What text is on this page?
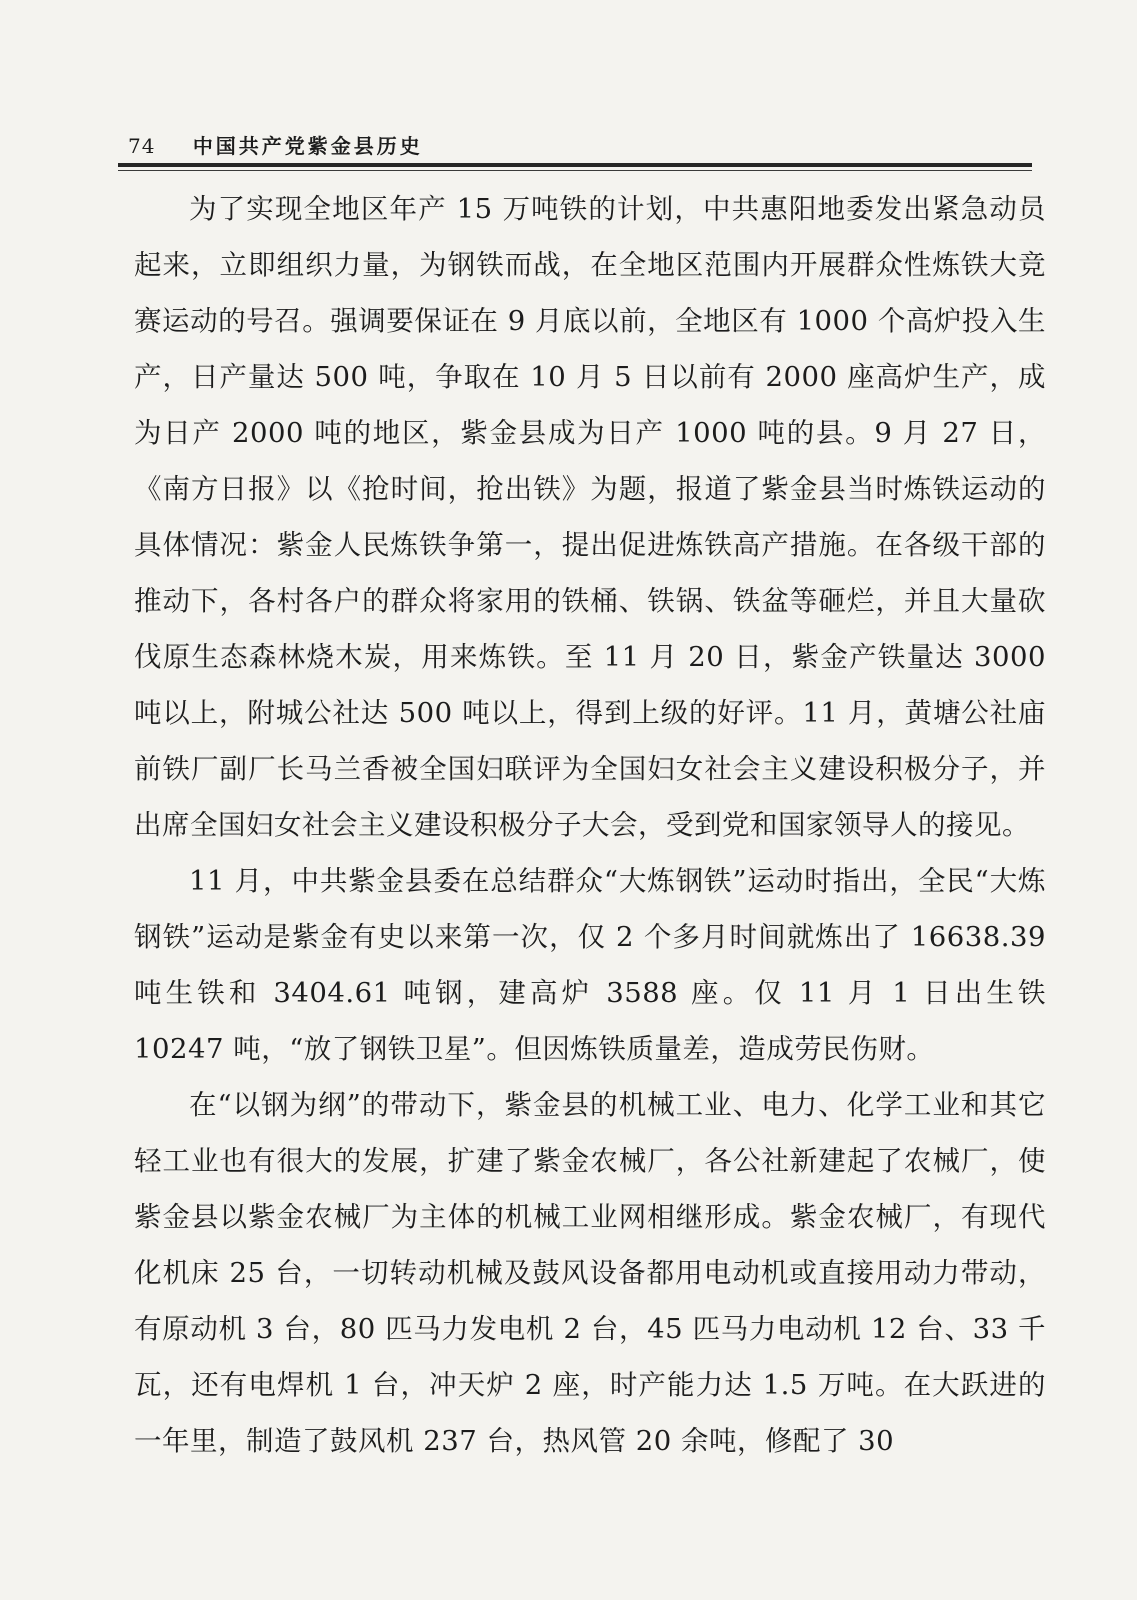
74 中国共产党紫金县历史

为了实现全地区年产 15 万吨铁的计划，中共惠阳地委发出紧急动员起来，立即组织力量，为钢铁而战，在全地区范围内开展群众性炼铁大竞赛运动的号召。强调要保证在 9 月底以前，全地区有 1000 个高炉投入生产，日产量达 500 吨，争取在 10 月 5 日以前有 2000 座高炉生产，成为日产 2000 吨的地区，紫金县成为日产 1000 吨的县。9 月 27 日，《南方日报》以《抢时间，抢出铁》为题，报道了紫金县当时炼铁运动的具体情况：紫金人民炼铁争第一，提出促进炼铁高产措施。在各级干部的推动下，各村各户的群众将家用的铁桶、铁锅、铁盆等砸烂，并且大量砍伐原生态森林烧木炭，用来炼铁。至 11 月 20 日，紫金产铁量达 3000 吨以上，附城公社达 500 吨以上，得到上级的好评。11 月，黄塘公社庙前铁厂副厂长马兰香被全国妇联评为全国妇女社会主义建设积极分子，并出席全国妇女社会主义建设积极分子大会，受到党和国家领导人的接见。

11 月，中共紫金县委在总结群众“大炼钢铁”运动时指出，全民“大炼钢铁”运动是紫金有史以来第一次，仅 2 个多月时间就炼出了 16638.39 吨生铁和 3404.61 吨钢，建高炉 3588 座。仅 11 月 1 日出生铁 10247 吨，“放了钢铁卫星”。但因炼铁质量差，造成劳民伤财。

在“以钢为纲”的带动下，紫金县的机械工业、电力、化学工业和其它轻工业也有很大的发展，扩建了紫金农械厂，各公社新建起了农械厂，使紫金县以紫金农械厂为主体的机械工业网相继形成。紫金农械厂，有现代化机床 25 台，一切转动机械及鼓风设备都用电动机或直接用动力带动，有原动机 3 台，80 匹马力发电机 2 台，45 匹马力电动机 12 台、33 千瓦，还有电焊机 1 台，冲天炉 2 座，时产能力达 1.5 万吨。在大跃进的一年里，制造了鼓风机 237 台，热风管 20 余吨，修配了 30
